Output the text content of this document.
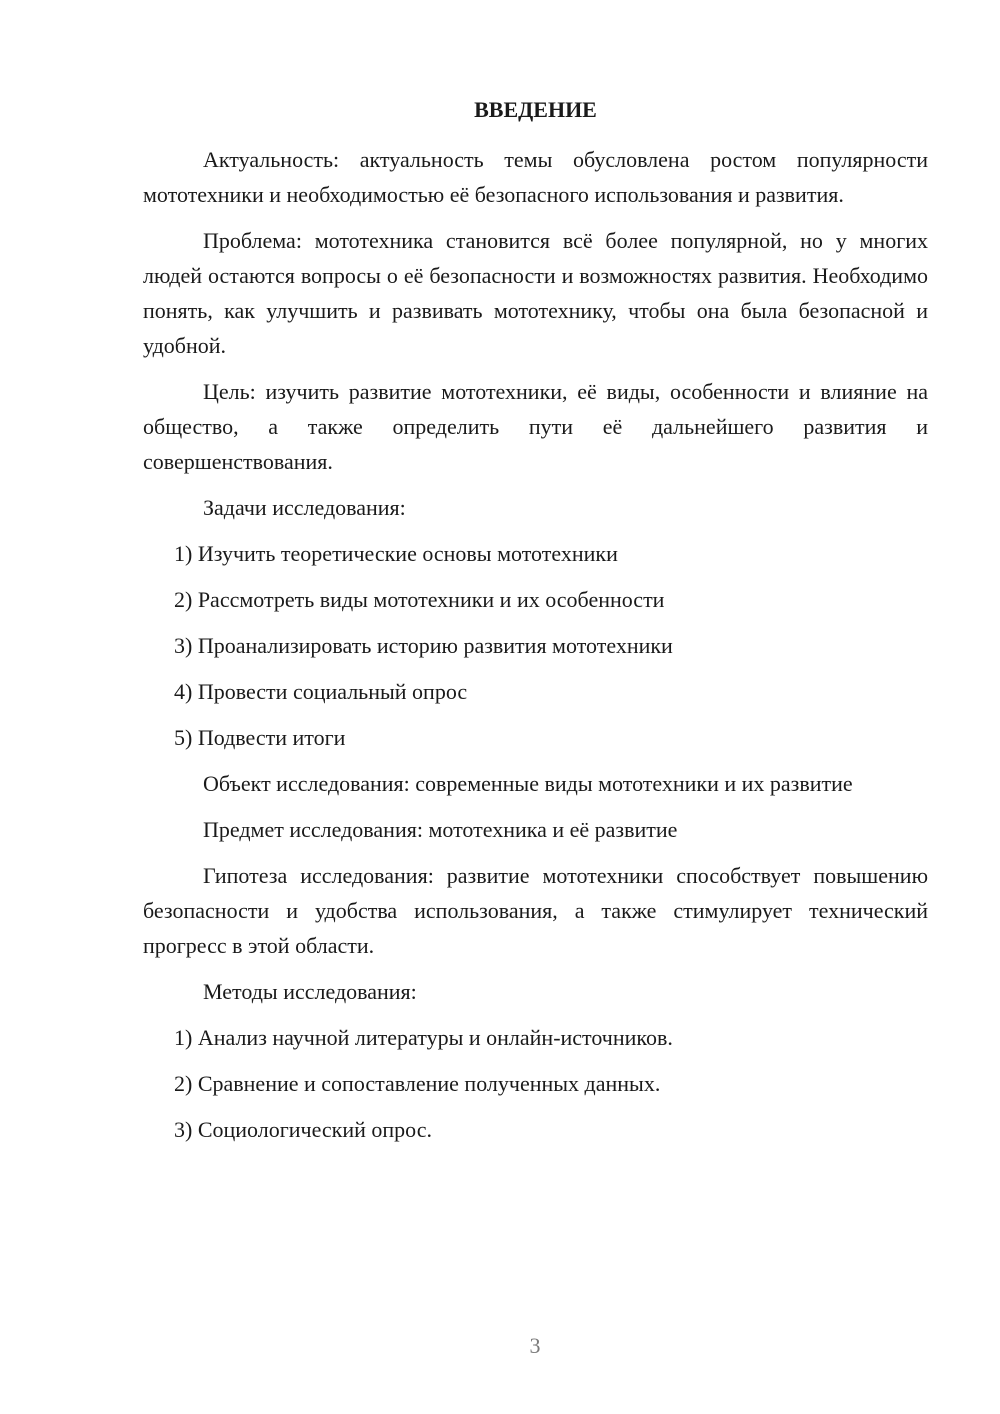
ВВЕДЕНИЕ

Актуальность: актуальность темы обусловлена ростом популярности мототехники и необходимостью её безопасного использования и развития.

Проблема: мототехника становится всё более популярной, но у многих людей остаются вопросы о её безопасности и возможностях развития. Необходимо понять, как улучшить и развивать мототехнику, чтобы она была безопасной и удобной.

Цель: изучить развитие мототехники, её виды, особенности и влияние на общество, а также определить пути её дальнейшего развития и совершенствования.

Задачи исследования:

1) Изучить теоретические основы мототехники
2) Рассмотреть виды мототехники и их особенности
3) Проанализировать историю развития мототехники
4) Провести социальный опрос
5) Подвести итоги

Объект исследования: современные виды мототехники и их развитие

Предмет исследования: мототехника и её развитие

Гипотеза исследования: развитие мототехники способствует повышению безопасности и удобства использования, а также стимулирует технический прогресс в этой области.

Методы исследования:

1) Анализ научной литературы и онлайн-источников.
2) Сравнение и сопоставление полученных данных.
3) Социологический опрос.
3
